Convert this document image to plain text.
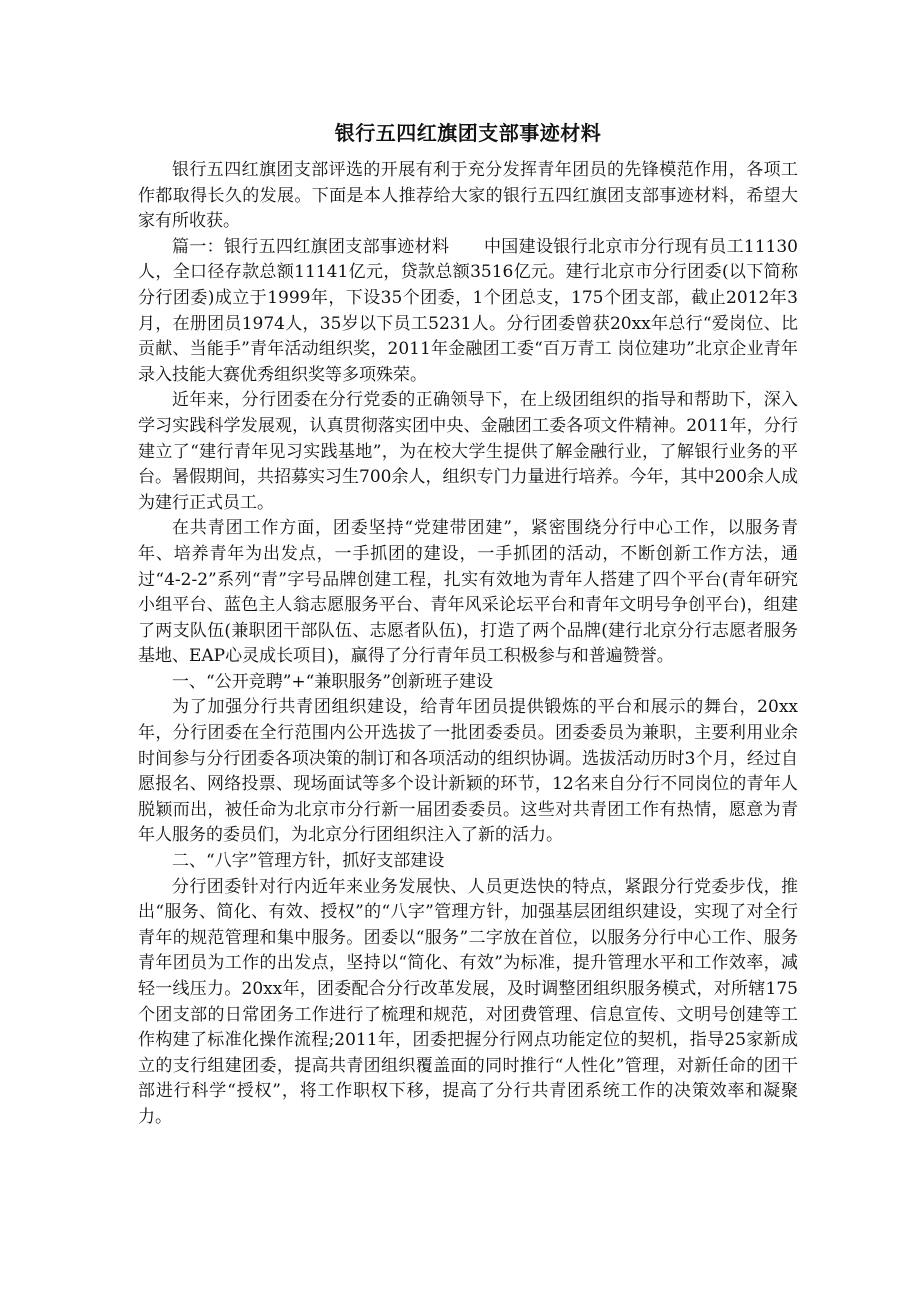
银行五四红旗团支部事迹材料

银行五四红旗团支部评选的开展有利于充分发挥青年团员的先锋模范作用，各项工作都取得长久的发展。下面是本人推荐给大家的银行五四红旗团支部事迹材料，希望大家有所收获。

篇一：银行五四红旗团支部事迹材料　　中国建设银行北京市分行现有员工11130人，全口径存款总额11141亿元，贷款总额3516亿元。建行北京市分行团委(以下简称分行团委)成立于1999年，下设35个团委，1个团总支，175个团支部，截止2012年3月，在册团员1974人，35岁以下员工5231人。分行团委曾获20xx年总行“爱岗位、比贡献、当能手”青年活动组织奖，2011年金融团工委“百万青工 岗位建功”北京企业青年录入技能大赛优秀组织奖等多项殊荣。

近年来，分行团委在分行党委的正确领导下，在上级团组织的指导和帮助下，深入学习实践科学发展观，认真贯彻落实团中央、金融团工委各项文件精神。2011年，分行建立了“建行青年见习实践基地”，为在校大学生提供了解金融行业，了解银行业务的平台。暑假期间，共招募实习生700余人，组织专门力量进行培养。今年，其中200余人成为建行正式员工。

在共青团工作方面，团委坚持“党建带团建”，紧密围绕分行中心工作，以服务青年、培养青年为出发点，一手抓团的建设，一手抓团的活动，不断创新工作方法，通过“4-2-2”系列“青”字号品牌创建工程，扎实有效地为青年人搭建了四个平台(青年研究小组平台、蓝色主人翁志愿服务平台、青年风采论坛平台和青年文明号争创平台)，组建了两支队伍(兼职团干部队伍、志愿者队伍)，打造了两个品牌(建行北京分行志愿者服务基地、EAP心灵成长项目)，赢得了分行青年员工积极参与和普遍赞誉。

一、“公开竞聘”+“兼职服务”创新班子建设

为了加强分行共青团组织建设，给青年团员提供锻炼的平台和展示的舞台，20xx年，分行团委在全行范围内公开选拔了一批团委委员。团委委员为兼职，主要利用业余时间参与分行团委各项决策的制订和各项活动的组织协调。选拔活动历时3个月，经过自愿报名、网络投票、现场面试等多个设计新颖的环节，12名来自分行不同岗位的青年人脱颖而出，被任命为北京市分行新一届团委委员。这些对共青团工作有热情，愿意为青年人服务的委员们，为北京分行团组织注入了新的活力。

二、“八字”管理方针，抓好支部建设

分行团委针对行内近年来业务发展快、人员更迭快的特点，紧跟分行党委步伐，推出“服务、简化、有效、授权”的“八字”管理方针，加强基层团组织建设，实现了对全行青年的规范管理和集中服务。团委以“服务”二字放在首位，以服务分行中心工作、服务青年团员为工作的出发点，坚持以“简化、有效”为标准，提升管理水平和工作效率，减轻一线压力。20xx年，团委配合分行改革发展，及时调整团组织服务模式，对所辖175个团支部的日常团务工作进行了梳理和规范，对团费管理、信息宣传、文明号创建等工作构建了标准化操作流程;2011年，团委把握分行网点功能定位的契机，指导25家新成立的支行组建团委，提高共青团组织覆盖面的同时推行“人性化”管理，对新任命的团干部进行科学“授权”，将工作职权下移，提高了分行共青团系统工作的决策效率和凝聚力。
